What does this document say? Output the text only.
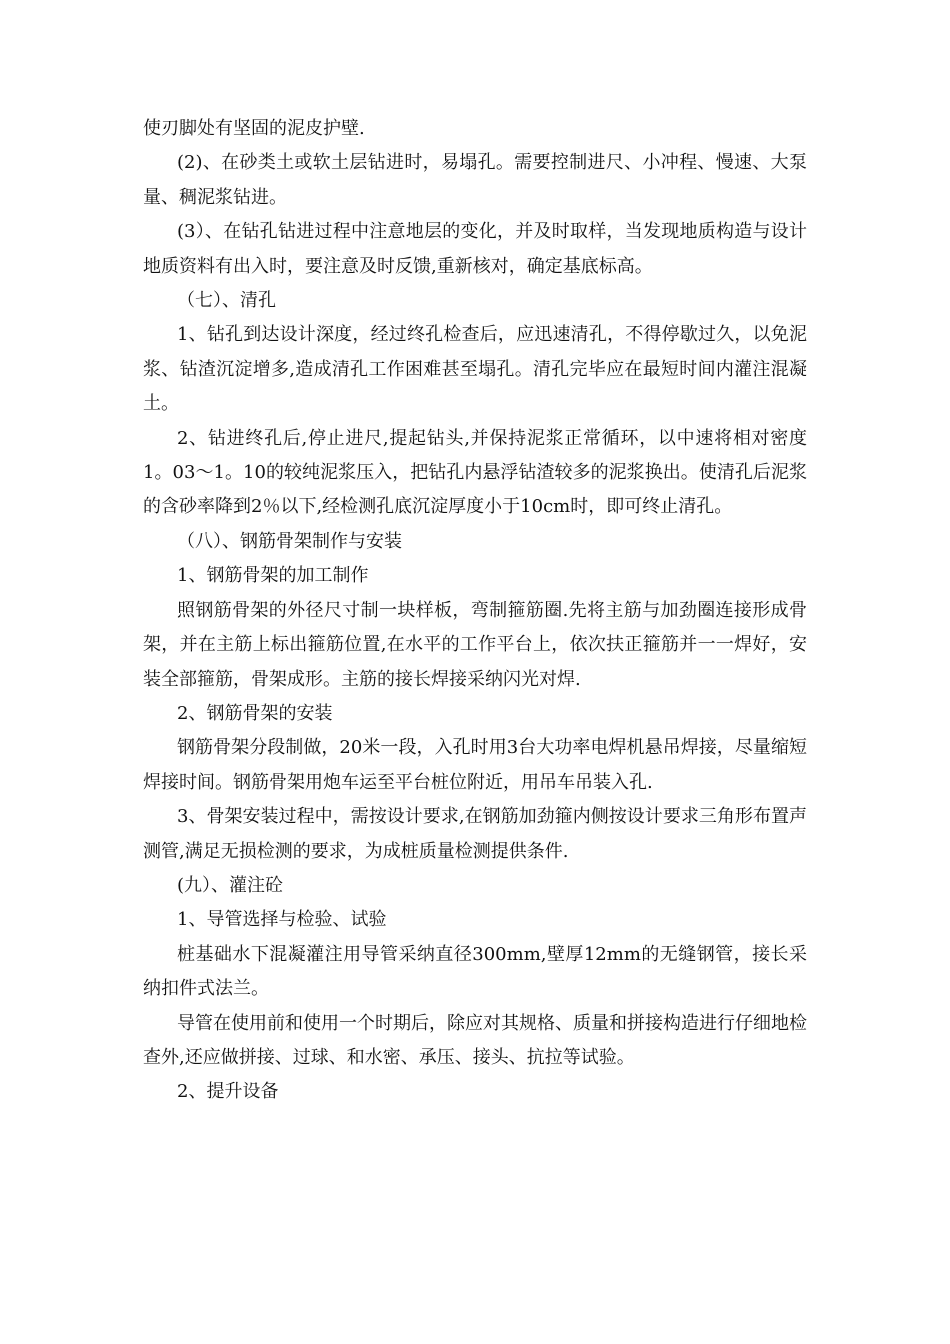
使刃脚处有坚固的泥皮护壁.

(2)、在砂类土或软土层钻进时，易塌孔。需要控制进尺、小冲程、慢速、大泵量、稠泥浆钻进。

(3）、在钻孔钻进过程中注意地层的变化，并及时取样，当发现地质构造与设计地质资料有出入时，要注意及时反馈,重新核对，确定基底标高。

（七）、清孔

1、钻孔到达设计深度，经过终孔检查后，应迅速清孔，不得停歇过久，以免泥浆、钻渣沉淀增多,造成清孔工作困难甚至塌孔。清孔完毕应在最短时间内灌注混凝土。

2、钻进终孔后,停止进尺,提起钻头,并保持泥浆正常循环，以中速将相对密度1。03～1。10的较纯泥浆压入，把钻孔内悬浮钻渣较多的泥浆换出。使清孔后泥浆的含砂率降到2％以下,经检测孔底沉淀厚度小于10cm时，即可终止清孔。

（八）、钢筋骨架制作与安装

1、钢筋骨架的加工制作

照钢筋骨架的外径尺寸制一块样板，弯制箍筋圈.先将主筋与加劲圈连接形成骨架，并在主筋上标出箍筋位置,在水平的工作平台上，依次扶正箍筋并一一焊好，安装全部箍筋，骨架成形。主筋的接长焊接采纳闪光对焊.

2、钢筋骨架的安装

钢筋骨架分段制做，20米一段，入孔时用3台大功率电焊机悬吊焊接，尽量缩短焊接时间。钢筋骨架用炮车运至平台桩位附近，用吊车吊装入孔.

3、骨架安装过程中，需按设计要求,在钢筋加劲箍内侧按设计要求三角形布置声测管,满足无损检测的要求，为成桩质量检测提供条件.

(九）、灌注砼

1、导管选择与检验、试验

桩基础水下混凝灌注用导管采纳直径300mm,壁厚12mm的无缝钢管，接长采纳扣件式法兰。

导管在使用前和使用一个时期后，除应对其规格、质量和拼接构造进行仔细地检查外,还应做拼接、过球、和水密、承压、接头、抗拉等试验。

2、提升设备
